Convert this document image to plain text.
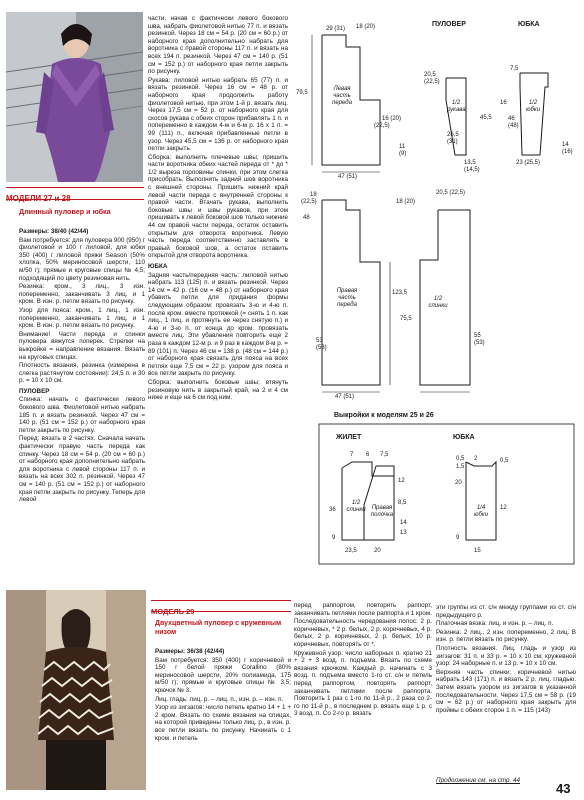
МОДЕЛИ 27 и 28
Длинный пуловер и юбка

Размеры: 38/40 (42/44)

Вам потребуется: для пуловера 900 (950) г фиолетовой и 100 г лиловой, для юбки 350 (400) г лиловой пряжи Season (50% хлопка, 50% мериносовой шерсти, 110 м/50 г); прямые и круговые спицы № 4,5; подходящий по цвету резиновая нить.

Резинка: кром., 3 лиц., 3 изн. попеременно, заканчивать 3 лиц. и 1 кром. В изн. р. петли вязать по рисунку.

Узор для пояса: кром., 1 лиц., 1 изн. попеременно, заканчивать 1 лиц. и 1 кром. В изн. р. петли вязать по рисунку.

Внимание! Части переда и спинки пуловера вяжутся поперек. Стрелки на выкройке = направление вязания. Вязать на круговых спицах.

Плотность вязания, резинка (измерена в слегка растянутом состоянии): 24,5 п. и 30 р. = 10 х 10 см.

ПУЛОВЕР

Спинка: начать с фактически левого бокового шва. Фиолетовой нитью набрать 185 п. и вязать резинкой. Через 47 см = 140 р. (51 см = 152 р.) от наборного края петли закрыть по рисунку.

Перед: вязать в 2 частях. Сначала начать фактически правую часть переда как спинку. Через 18 см = 54 р. (20 см = 60 р.) от наборного края дополнительно набрать для воротника с левой стороны 117 п. и вязать на всех 302 п. резинкой. Через 47 см = 140 р. (51 см = 152 р.) от наборного края петли закрыть по рисунку. Теперь для левой

части, начав с фактически левого бокового шва, набрать фиолетовой нитью 77 п. и вязать резинкой. Через 18 см = 54 р. (20 см = 60 р.) от наборного края дополнительно набрать для воротника с правой стороны 117 п. и вязать на всех 194 п. резинкой. Через 47 см = 140 р. (51 см = 152 р.) от наборного края петли закрыть по рисунку.

Рукава: лиловой нитью набрать 65 (77) п. и вязать резинкой. Через 16 см = 48 р. от наборного края продолжить работу фиолетовой нитью, при этом 1-й р. вязать лиц. Через 17,5 см = 52 р. от наборного края для скосов рукава с обеих сторон прибавлять 1 п. и попеременно в каждом 4-м и 6-м р. 16 х 1 п. = 99 (111) п., включая прибавленные петли в узор. Через 45,5 см = 136 р. от наборного края петли закрыть.

Сборка: выполнить плечевые швы; пришить части воротника обеих частей переда от * до * 1/2 выреза горловины спинки, при этом слегка присобрать. Выполнить задний шов воротника с внешней стороны. Пришить нижний край левой части переда с внутренней стороны к правой части. Втачать рукава, выполнить боковые швы и швы рукавов, при этом пришивать к левой боковой шов только нижние 44 см правой части переда, остаток оставить открытым для отворота воротника. Левую часть переда соответственно заставлять в правый боковой шов, а остаток оставить открытой для отворота воротника.

ЮБКА

Задняя часть/передняя часть: лиловой нитью набрать 113 (125) п. и вязать резинкой. Через 14 см = 42 р. (16 см = 48 р.) от наборного края убавить петли для придания формы следующим образом: провязать 3-ю и 4-ю п. после кром. вместе протяжкой (= снять 1 п. как лиц., 1 лиц. и протянуть ее через снятую п.) и 4-ю и 3-ю п. от конца до кром. провязать вместе лиц. Эти убавления повторить еще 2 раза в каждом 12-м р. и 9 раз в каждом 8-м р. = 89 (101) п. Через 46 см = 138 р. (48 см = 144 р.) от наборного края связать для пояса на всех петлях еще 7,5 см = 22 р. узором для пояса и все петли закрыть по рисунку.

Сборка: выполнить боковые швы; втянуть резиновую нить в закрытый край, на 2 и 4 см ниже и еще на 6 см под ним.

ПУЛОВЕР	ЮБКА
Левая часть переда
Правая часть переда
1/2 спинки
1/2 рукава
1/2 юбки
29 (31) 18 (20)
79,5
16 (20)
(22,5)
47 (51)
11
(9)
48
123,5
53
(53)
18
(22,5)
75,5
55
(53)
20,5 (22,5)
18 (20)
47 (51)
20,5
(22,5)
45,5
13,5
(14,5)
26,5
(31)
16
7,5
23 (25,5)
46
(48)
14
(16)
Выкройки к моделям 25 и 26
ЖИЛЕТ	ЮБКА
1/2 спинки	Правая полочка
1/4 юбки
7 6 7,5
36
12
8,5
9
23,5	20
14
13
0,5
1,5
20
12
9
0,5
2
15
МОДЕЛЬ 29
Двухцветный пуловер с кружевным низом

Размеры: 36/38 (42/44)

Вам потребуется: 350 (400) г коричневой и 150 г белой пряжи Corallino (80% мериносовой шерсти, 20% полиамида, 175 м/50 г); прямые и круговые спицы № 3,5; крючок № 3.

Лиц. гладь: лиц. р. – лиц. п., изн. р. – изн. п.

Узор из зигзагов: число петель кратно 14 + 1 + 2 кром. Вязать по схеме вязания на спицах, на которой приведены только лиц. р., в изн. р. все петли вязать по рисунку. Начинать с 1 кром. и петель

перед раппортом, повторять раппорт, заканчивать петлями после раппорта и 1 кром.

Последовательность чередования полос: 2 р. коричневых, * 2 р. белых, 2 р. коричневых, 4 р. белых, 2 р. коричневых, 2 р. белых, 10 р. коричневых, повторять от *.

Кружевной узор: число наборных п. кратно 21 + 2 + 3 возд. п. подъема. Вязать по схеме вязания крючком. Каждый р. начинать с 3 возд. п. подъема вместо 1-го ст. с/н и петель перед раппортом, повторять раппорт, заканчивать петлями после раппорта. Повторить 1 раз с 1-го по 11-й р., 2 раза со 2-го по 11-й р., в последнем р. вязать еще 1 р. с 3 возд. п. Со 2-го р. вязать

эти группы из ст. с/н между группами из ст. с/н предыдущего р.

Платочная вязка: лиц. и изн. р. – лиц. п.

Резинка: 2 лиц., 2 изн. попеременно, 2 лиц. В изн. р. петли вязать по рисунку.

Плотность вязания. Лиц. гладь и узор из зигзагов: 31 п. и 33 р. = 10 х 10 см; кружевной узор: 24 наборные п. и 13 р. = 10 х 10 см.

Верхняя часть спинки: коричневой нитью набрать 143 (171) п. и вязать 2 р. лиц. гладью. Затем вязать узором из зигзагов в указанной последовательности. Через 17,5 см = 58 р. (19 см = 62 р.) от наборного края закрыть для проймы с обеих сторон 1 п. = 115 (143)

Продолжение см. на стр. 44
43
